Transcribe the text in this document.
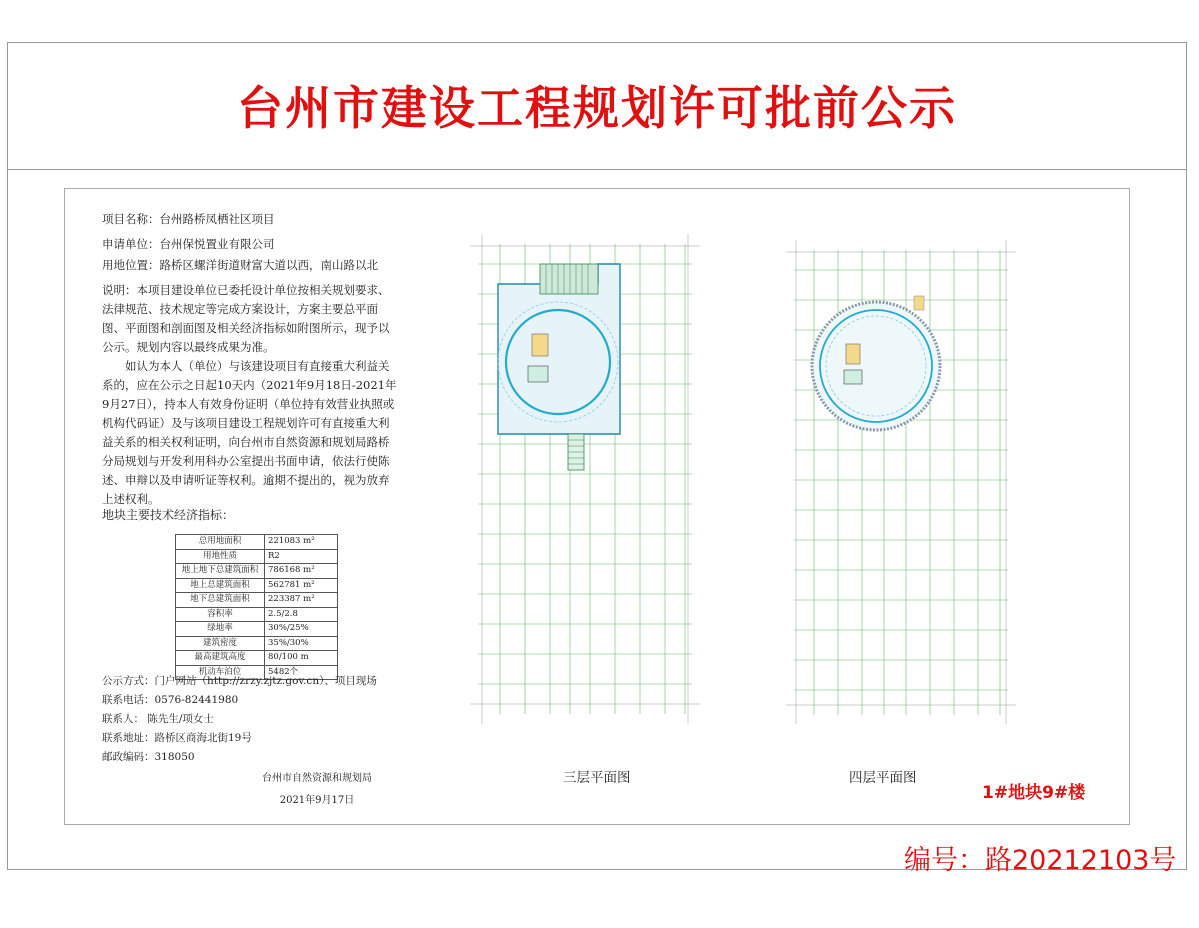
台州市建设工程规划许可批前公示

项目名称：台州路桥凤栖社区项目

申请单位：台州保悦置业有限公司

用地位置：路桥区螺洋街道财富大道以西，南山路以北

说明：本项目建设单位已委托设计单位按相关规划要求、法律规范、技术规定等完成方案设计，方案主要总平面图、平面图和剖面图及相关经济指标如附图所示，现予以公示。规划内容以最终成果为准。

如认为本人（单位）与该建设项目有直接重大利益关系的，应在公示之日起10天内（2021年9月18日-2021年9月27日），持本人有效身份证明（单位持有效营业执照或机构代码证）及与该项目建设工程规划许可有直接重大利益关系的相关权利证明，向台州市自然资源和规划局路桥分局规划与开发利用科办公室提出书面申请，依法行使陈述、申辩以及申请听证等权利。逾期不提出的，视为放弃上述权利。

地块主要技术经济指标：
总用地面积	221083 m²
用地性质	R2
地上地下总建筑面积	786168 m²
地上总建筑面积	562781 m²
地下总建筑面积	223387 m²
容积率	2.5/2.8
绿地率	30%/25%
建筑密度	35%/30%
最高建筑高度	80/100 m
机动车泊位	5482个

公示方式：门户网站（http://zrzy.zjtz.gov.cn）、项目现场

联系电话：0576-82441980

联系人： 陈先生/项女士

联系地址：路桥区商海北街19号

邮政编码：318050

台州市自然资源和规划局
2021年9月17日
三层平面图	四层平面图
1#地块9#楼
编号：路20212103号
